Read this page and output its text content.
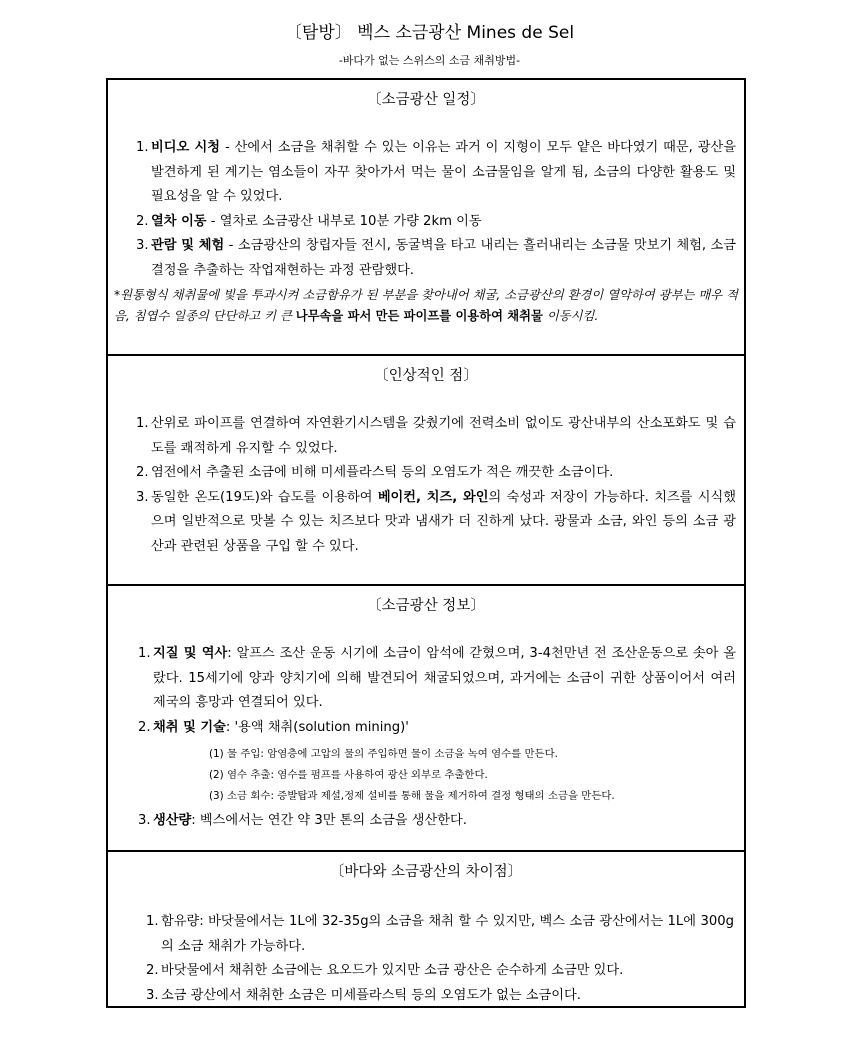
〔탐방〕 벡스 소금광산 Mines de Sel
-바다가 없는 스위스의 소금 채취방법-
〔소금광산 일정〕
1. 비디오 시청 - 산에서 소금을 채취할 수 있는 이유는 과거 이 지형이 모두 얕은 바다였기 때문, 광산을 발견하게 된 계기는 염소들이 자꾸 찾아가서 먹는 물이 소금물임을 알게 됨, 소금의 다양한 활용도 및 필요성을 알 수 있었다.
2. 열차 이동 - 열차로 소금광산 내부로 10분 가량 2km 이동
3. 관람 및 체험 - 소금광산의 창립자들 전시, 동굴벽을 타고 내리는 흘러내리는 소금물 맛보기 체험, 소금 결정을 추출하는 작업재현하는 과정 관람했다.
*원통형식 채취물에 빛을 투과시켜 소금함유가 된 부분을 찾아내어 채굴, 소금광산의 환경이 열악하여 광부는 매우 적음, 침엽수 일종의 단단하고 키 큰 나무속을 파서 만든 파이프를 이용하여 채취물 이동시킴.
〔인상적인 점〕
1. 산위로 파이프를 연결하여 자연환기시스템을 갖췄기에 전력소비 없이도 광산내부의 산소포화도 및 습도를 쾌적하게 유지할 수 있었다.
2. 염전에서 추출된 소금에 비해 미세플라스틱 등의 오염도가 적은 깨끗한 소금이다.
3. 동일한 온도(19도)와 습도를 이용하여 베이컨, 치즈, 와인의 숙성과 저장이 가능하다. 치즈를 시식했으며 일반적으로 맛볼 수 있는 치즈보다 맛과 냄새가 더 진하게 났다. 광물과 소금, 와인 등의 소금 광산과 관련된 상품을 구입 할 수 있다.
〔소금광산 정보〕
1. 지질 및 역사: 알프스 조산 운동 시기에 소금이 암석에 갇혔으며, 3-4천만년 전 조산운동으로 솟아 올랐다. 15세기에 양과 양치기에 의해 발견되어 채굴되었으며, 과거에는 소금이 귀한 상품이어서 여러 제국의 흥망과 연결되어 있다.
2. 채취 및 기술: '용액 채취(solution mining)'
(1) 물 주입: 암염층에 고압의 물의 주입하면 물이 소금을 녹여 염수를 만든다.
(2) 염수 추출: 염수를 펌프를 사용하여 광산 외부로 추출한다.
(3) 소금 회수: 증발탑과 제설,정제 설비를 통해 물을 제거하여 결정 형태의 소금을 만든다.
3. 생산량: 벡스에서는 연간 약 3만 톤의 소금을 생산한다.
〔바다와 소금광산의 차이점〕
1. 함유량: 바닷물에서는 1L에 32-35g의 소금을 채취 할 수 있지만, 벡스 소금 광산에서는 1L에 300g의 소금 채취가 가능하다.
2. 바닷물에서 채취한 소금에는 요오드가 있지만 소금 광산은 순수하게 소금만 있다.
3. 소금 광산에서 채취한 소금은 미세플라스틱 등의 오염도가 없는 소금이다.
